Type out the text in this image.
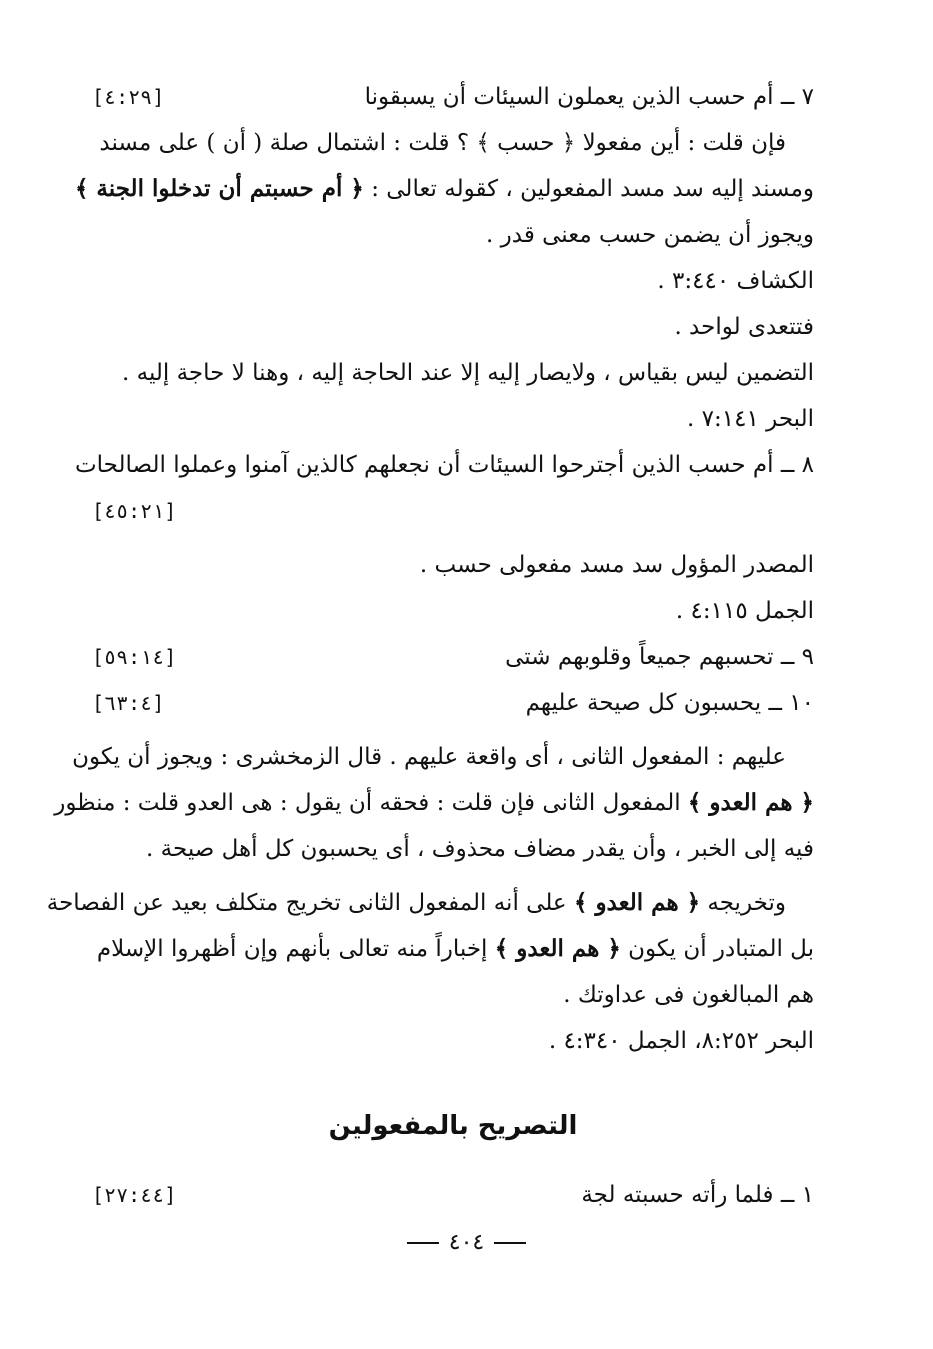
٧ ــ أم حسب الذين يعملون السيئات أن يسبقونا
[٤:٢٩]
فإن قلت : أين مفعولا ﴿ حسب ﴾ ؟ قلت : اشتمال صلة ( أن ) على مسند
ومسند إليه سد مسد المفعولين ، كقوله تعالى : ﴿ أم حسبتم أن تدخلوا الجنة ﴾
ويجوز أن يضمن حسب معنى قدر .
الكشاف ٣:٤٤٠ .
فتتعدى لواحد .
التضمين ليس بقياس ، ولايصار إليه إلا عند الحاجة إليه ، وهنا لا حاجة إليه .
البحر ٧:١٤١ .
٨ ــ أم حسب الذين أجترحوا السيئات أن نجعلهم كالذين آمنوا وعملوا الصالحات
[٤٥:٢١]
المصدر المؤول سد مسد مفعولى حسب .
الجمل ٤:١١٥ .
٩ ــ تحسبهم جميعاً وقلوبهم شتى
[٥٩:١٤]
١٠ ــ يحسبون كل صيحة عليهم
[٦٣:٤]
عليهم : المفعول الثانى ، أى واقعة عليهم . قال الزمخشرى : ويجوز أن يكون
﴿ هم العدو ﴾ المفعول الثانى فإن قلت : فحقه أن يقول : هى العدو قلت : منظور
فيه إلى الخبر ، وأن يقدر مضاف محذوف ، أى يحسبون كل أهل صيحة .
وتخريجه ﴿ هم العدو ﴾ على أنه المفعول الثانى تخريج متكلف بعيد عن الفصاحة
بل المتبادر أن يكون ﴿ هم العدو ﴾ إخباراً منه تعالى بأنهم وإن أظهروا الإسلام
هم المبالغون فى عداوتك .
البحر ٨:٢٥٢، الجمل ٤:٣٤٠ .
التصريح بالمفعولين
١ ــ فلما رأته حسبته لجة
[٢٧:٤٤]
٤٠٤
